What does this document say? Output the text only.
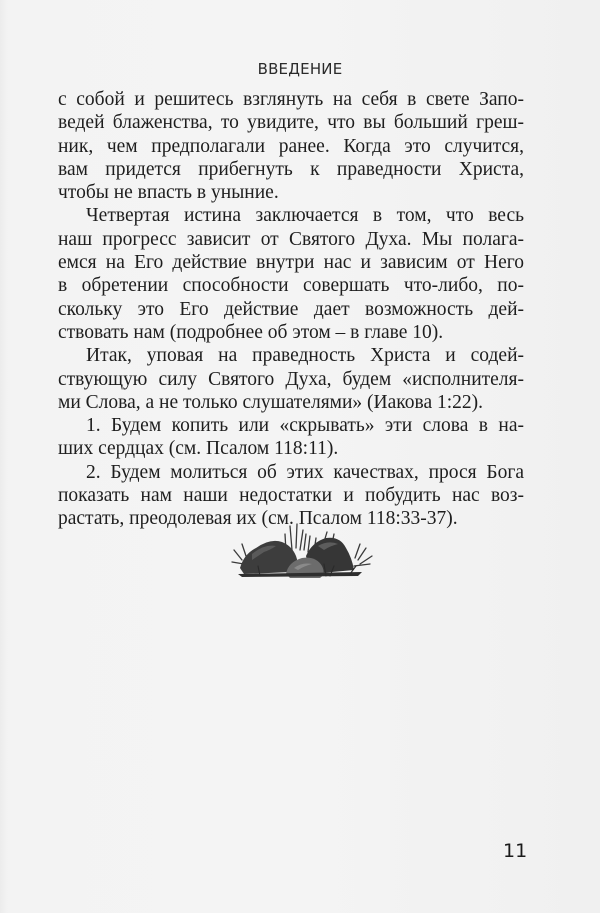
ВВЕДЕНИЕ
с собой и решитесь взглянуть на себя в свете Запо-
ведей блаженства, то увидите, что вы больший греш-
ник, чем предполагали ранее. Когда это случится,
вам придется прибегнуть к праведности Христа,
чтобы не впасть в уныние.
Четвертая истина заключается в том, что весь
наш прогресс зависит от Святого Духа. Мы полага-
емся на Его действие внутри нас и зависим от Него
в обретении способности совершать что-либо, по-
скольку это Его действие дает возможность дей-
ствовать нам (подробнее об этом – в главе 10).
Итак, уповая на праведность Христа и содей-
ствующую силу Святого Духа, будем «исполнителя-
ми Слова, а не только слушателями» (Иакова 1:22).
1. Будем копить или «скрывать» эти слова в на-
ших сердцах (см. Псалом 118:11).
2. Будем молиться об этих качествах, прося Бога
показать нам наши недостатки и побудить нас воз-
растать, преодолевая их (см. Псалом 118:33-37).
11
